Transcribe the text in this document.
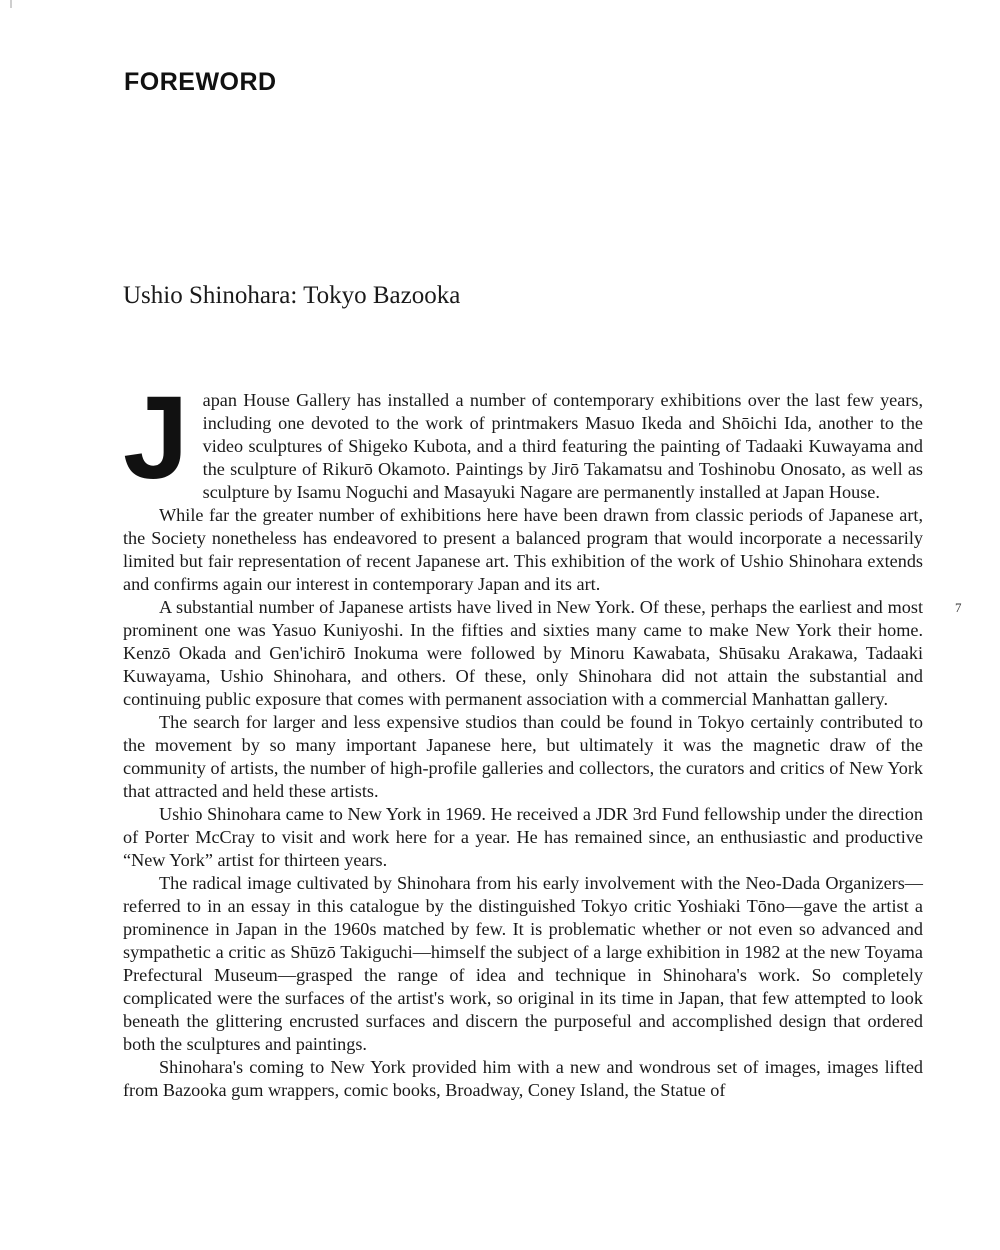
FOREWORD
Ushio Shinohara: Tokyo Bazooka

Japan House Gallery has installed a number of contemporary exhibitions over the last few years, including one devoted to the work of printmakers Masuo Ikeda and Shōichi Ida, another to the video sculptures of Shigeko Kubota, and a third featuring the painting of Tadaaki Kuwayama and the sculpture of Rikurō Okamoto. Paintings by Jirō Takamatsu and Toshinobu Onosato, as well as sculpture by Isamu Noguchi and Masayuki Nagare are permanently installed at Japan House.

While far the greater number of exhibitions here have been drawn from classic periods of Japanese art, the Society nonetheless has endeavored to present a balanced program that would incorporate a necessarily limited but fair representation of recent Japanese art. This exhibition of the work of Ushio Shinohara extends and confirms again our interest in contemporary Japan and its art.

A substantial number of Japanese artists have lived in New York. Of these, perhaps the earliest and most prominent one was Yasuo Kuniyoshi. In the fifties and sixties many came to make New York their home. Kenzō Okada and Gen'ichirō Inokuma were followed by Minoru Kawabata, Shūsaku Arakawa, Tadaaki Kuwayama, Ushio Shinohara, and others. Of these, only Shinohara did not attain the substantial and continuing public exposure that comes with permanent association with a commercial Manhattan gallery.

The search for larger and less expensive studios than could be found in Tokyo certainly contributed to the movement by so many important Japanese here, but ultimately it was the magnetic draw of the community of artists, the number of high-profile galleries and collectors, the curators and critics of New York that attracted and held these artists.

Ushio Shinohara came to New York in 1969. He received a JDR 3rd Fund fellowship under the direction of Porter McCray to visit and work here for a year. He has remained since, an enthusiastic and productive “New York” artist for thirteen years.

The radical image cultivated by Shinohara from his early involvement with the Neo-Dada Organizers—referred to in an essay in this catalogue by the distinguished Tokyo critic Yoshiaki Tōno—gave the artist a prominence in Japan in the 1960s matched by few. It is problematic whether or not even so advanced and sympathetic a critic as Shūzō Takiguchi—himself the subject of a large exhibition in 1982 at the new Toyama Prefectural Museum—grasped the range of idea and technique in Shinohara's work. So completely complicated were the surfaces of the artist's work, so original in its time in Japan, that few attempted to look beneath the glittering encrusted surfaces and discern the purposeful and accomplished design that ordered both the sculptures and paintings.

Shinohara's coming to New York provided him with a new and wondrous set of images, images lifted from Bazooka gum wrappers, comic books, Broadway, Coney Island, the Statue of

7
